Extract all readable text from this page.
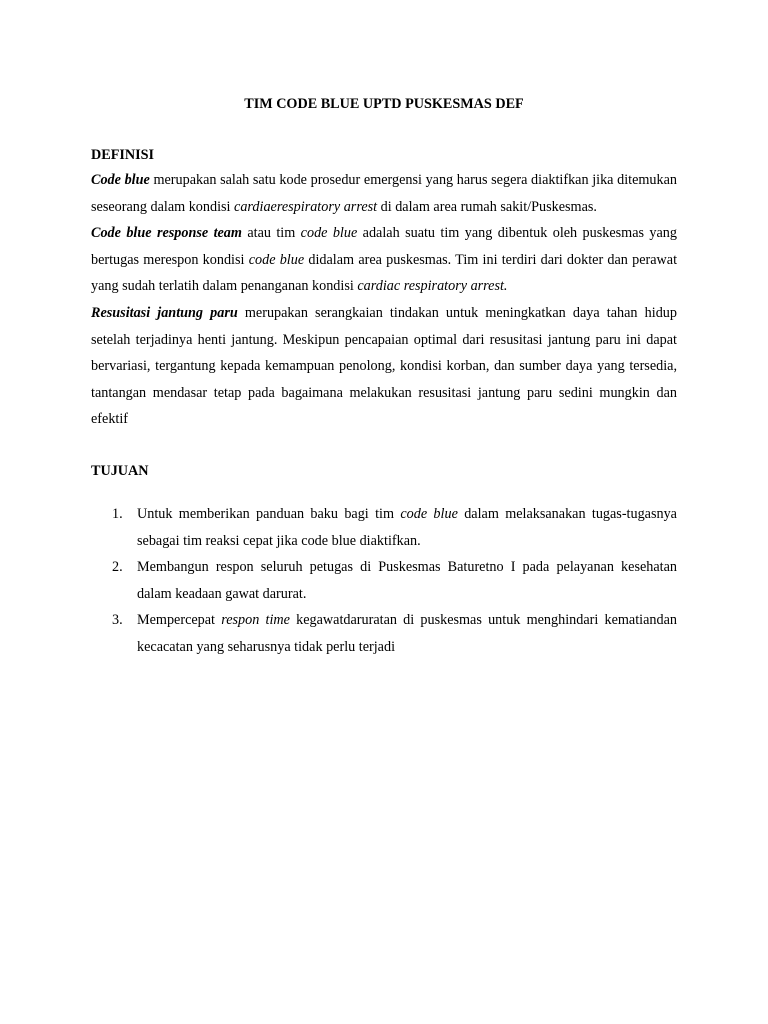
TIM CODE BLUE UPTD PUSKESMAS DEF
DEFINISI

Code blue merupakan salah satu kode prosedur emergensi yang harus segera diaktifkan jika ditemukan seseorang dalam kondisi cardiaerespiratory arrest di dalam area rumah sakit/Puskesmas.

Code blue response team atau tim code blue adalah suatu tim yang dibentuk oleh puskesmas yang bertugas merespon kondisi code blue didalam area puskesmas. Tim ini terdiri dari dokter dan perawat yang sudah terlatih dalam penanganan kondisi cardiac respiratory arrest.

Resusitasi jantung paru merupakan serangkaian tindakan untuk meningkatkan daya tahan hidup setelah terjadinya henti jantung. Meskipun pencapaian optimal dari resusitasi jantung paru ini dapat bervariasi, tergantung kepada kemampuan penolong, kondisi korban, dan sumber daya yang tersedia, tantangan mendasar tetap pada bagaimana melakukan resusitasi jantung paru sedini mungkin dan efektif

TUJUAN
1. Untuk memberikan panduan baku bagi tim code blue dalam melaksanakan tugas-tugasnya sebagai tim reaksi cepat jika code blue diaktifkan.
2. Membangun respon seluruh petugas di Puskesmas Baturetno I pada pelayanan kesehatan dalam keadaan gawat darurat.
3. Mempercepat respon time kegawatdaruratan di puskesmas untuk menghindari kematiandan kecacatan yang seharusnya tidak perlu terjadi
